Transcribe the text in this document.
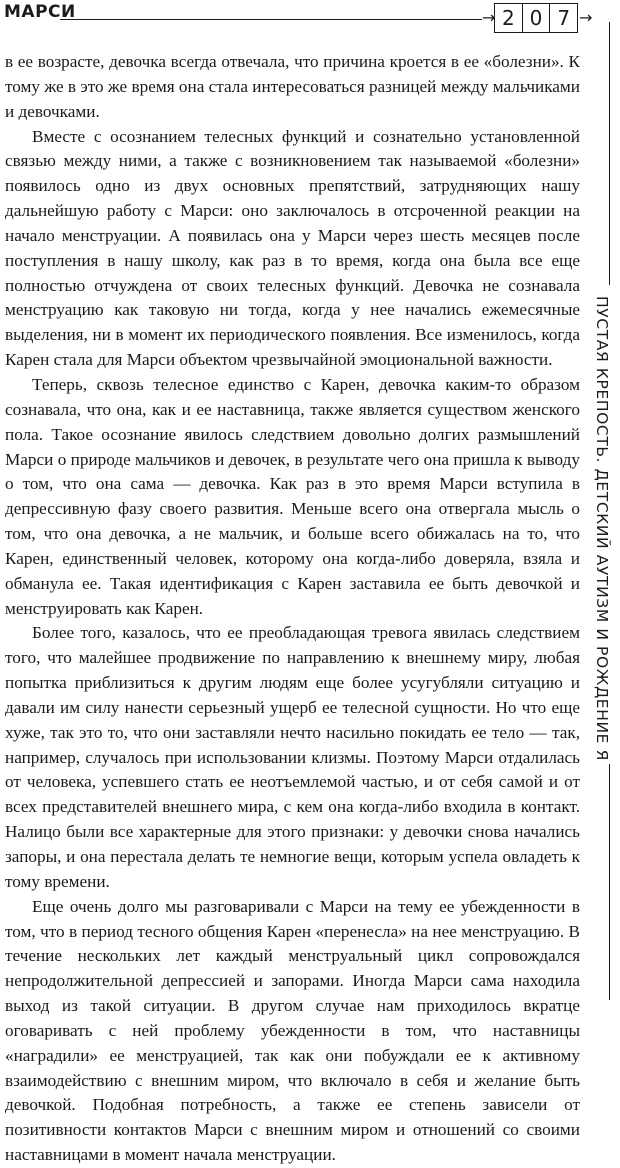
МАРСИ	→ 2 0 7 →
ПУСТАЯ КРЕПОСТЬ. ДЕТСКИЙ АУТИЗМ И РОЖДЕНИЕ Я

в ее возрасте, девочка всегда отвечала, что причина кроется в ее «болезни». К тому же в это же время она стала интересоваться разницей между мальчиками и девочками.

Вместе с осознанием телесных функций и сознательно установленной связью между ними, а также с возникновением так называемой «болезни» появилось одно из двух основных препятствий, затрудняющих нашу дальнейшую работу с Марси: оно заключалось в отсроченной реакции на начало менструации. А появилась она у Марси через шесть месяцев после поступления в нашу школу, как раз в то время, когда она была все еще полностью отчуждена от своих телесных функций. Девочка не сознавала менструацию как таковую ни тогда, когда у нее начались ежемесячные выделения, ни в момент их периодического появления. Все изменилось, когда Карен стала для Марси объектом чрезвычайной эмоциональной важности.

Теперь, сквозь телесное единство с Карен, девочка каким-то образом сознавала, что она, как и ее наставница, также является существом женского пола. Такое осознание явилось следствием довольно долгих размышлений Марси о природе мальчиков и девочек, в результате чего она пришла к выводу о том, что она сама — девочка. Как раз в это время Марси вступила в депрессивную фазу своего развития. Меньше всего она отвергала мысль о том, что она девочка, а не мальчик, и больше всего обижалась на то, что Карен, единственный человек, которому она когда-либо доверяла, взяла и обманула ее. Такая идентификация с Карен заставила ее быть девочкой и менструировать как Карен.

Более того, казалось, что ее преобладающая тревога явилась следствием того, что малейшее продвижение по направлению к внешнему миру, любая попытка приблизиться к другим людям еще более усугубляли ситуацию и давали им силу нанести серьезный ущерб ее телесной сущности. Но что еще хуже, так это то, что они заставляли нечто насильно покидать ее тело — так, например, случалось при использовании клизмы. Поэтому Марси отдалилась от человека, успевшего стать ее неотъемлемой частью, и от себя самой и от всех представителей внешнего мира, с кем она когда-либо входила в контакт. Налицо были все характерные для этого признаки: у девочки снова начались запоры, и она перестала делать те немногие вещи, которым успела овладеть к тому времени.

Еще очень долго мы разговаривали с Марси на тему ее убежденности в том, что в период тесного общения Карен «перенесла» на нее менструацию. В течение нескольких лет каждый менструальный цикл сопровождался непродолжительной депрессией и запорами. Иногда Марси сама находила выход из такой ситуации. В другом случае нам приходилось вкратце оговаривать с ней проблему убежденности в том, что наставницы «наградили» ее менструацией, так как они побуждали ее к активному взаимодействию с внешним миром, что включало в себя и желание быть девочкой. Подобная потребность, а также ее степень зависели от позитивности контактов Марси с внешним миром и отношений со своими наставницами в момент начала менструации.
